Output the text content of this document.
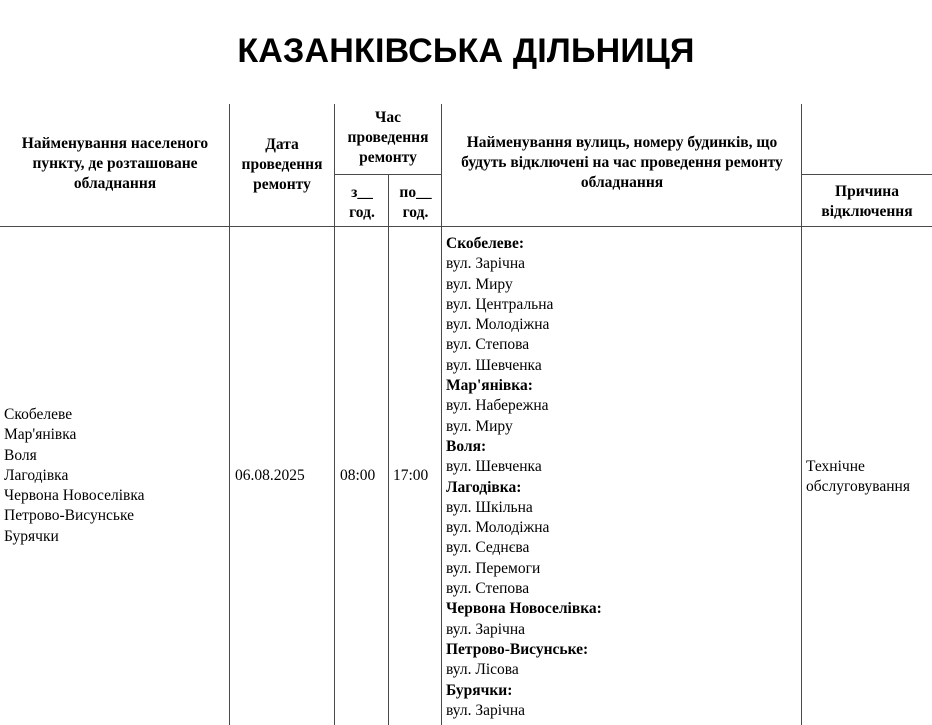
КАЗАНКІВСЬКА ДІЛЬНИЦЯ
Найменування населеного пункту, де розташоване обладнання
Дата проведення ремонту
Час проведення ремонту
з__ год.
по__ год.
Найменування вулиць, номеру будинків, що будуть відключені на час проведення ремонту обладнання
Причина відключення
Скобелеве
Мар'янівка
Воля
Лагодівка
Червона Новоселівка
Петрово-Висунське
Бурячки
06.08.2025	08:00	17:00
Скобелеве:
вул. Зарічна
вул. Миру
вул. Центральна
вул. Молодіжна
вул. Степова
вул. Шевченка
Мар'янівка:
вул. Набережна
вул. Миру
Воля:
вул. Шевченка
Лагодівка:
вул. Шкільна
вул. Молодіжна
вул. Седнєва
вул. Перемоги
вул. Степова
Червона Новоселівка:
вул. Зарічна
Петрово-Висунське:
вул. Лісова
Бурячки:
вул. Зарічна
Технічне обслуговування
